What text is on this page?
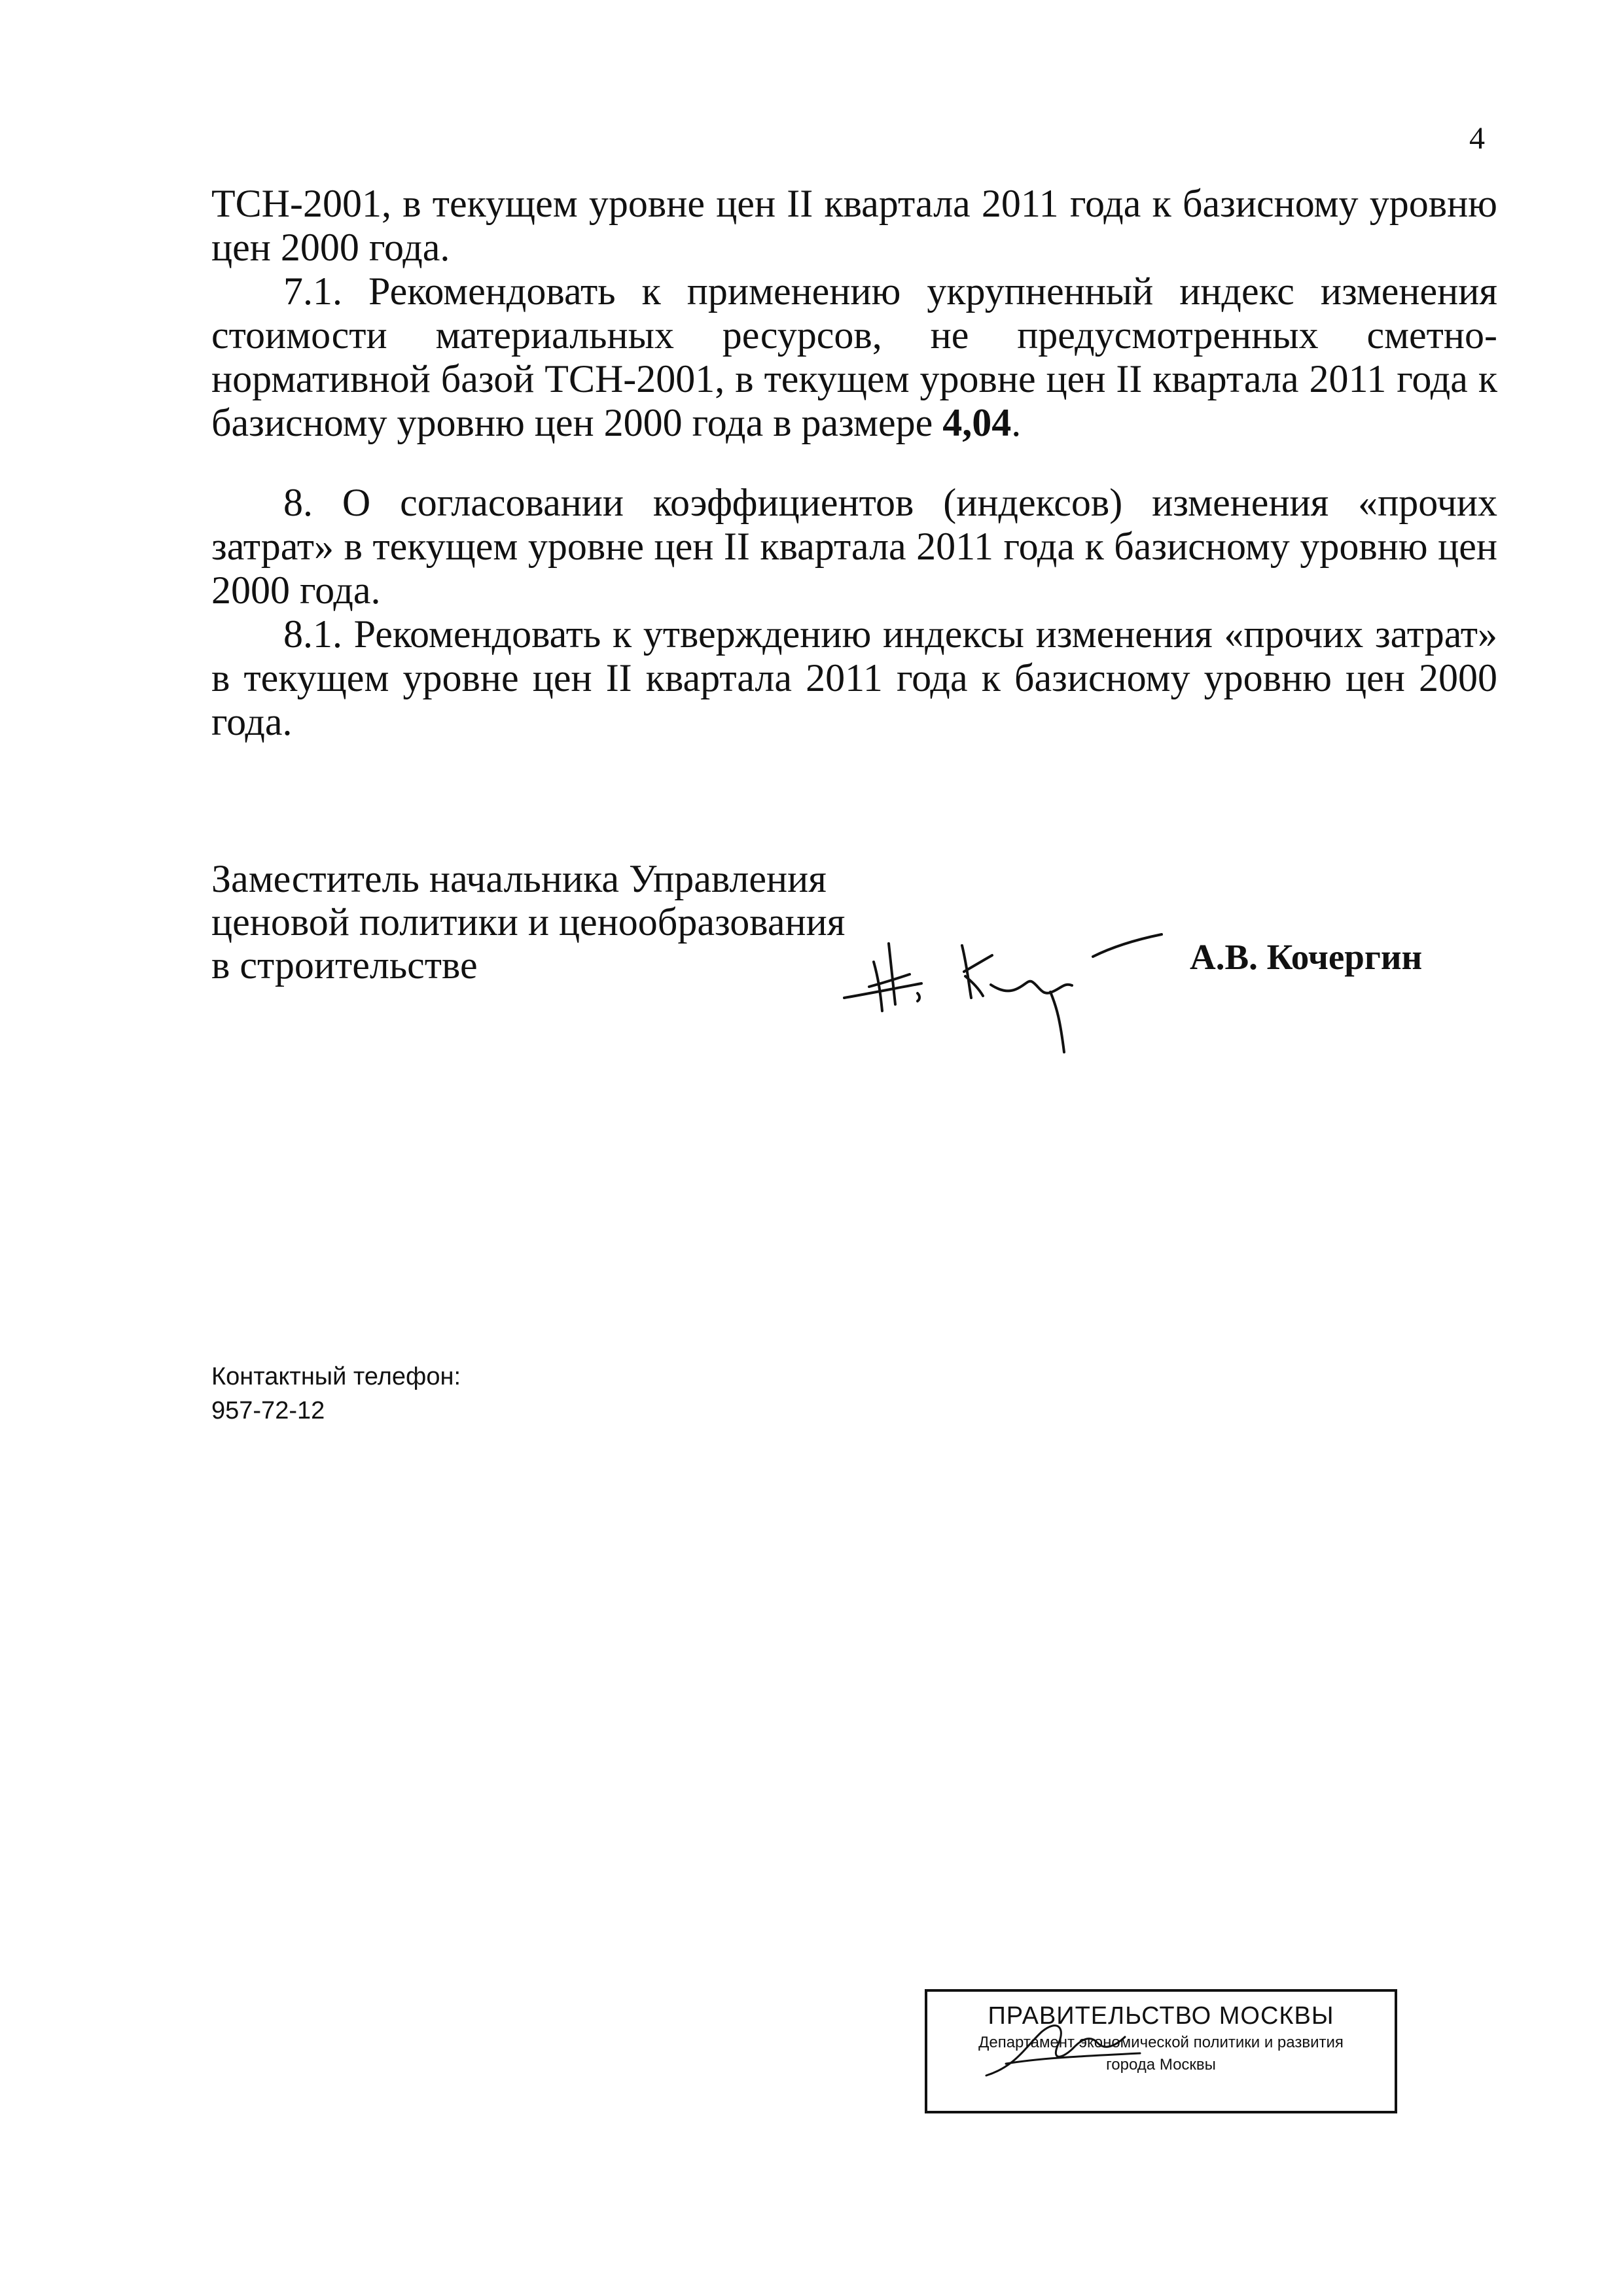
4

ТСН-2001, в текущем уровне цен II квартала 2011 года к базисному уровню цен 2000 года.

7.1. Рекомендовать к применению укрупненный индекс изменения стоимости материальных ресурсов, не предусмотренных сметно-нормативной базой ТСН-2001, в текущем уровне цен II квартала 2011 года к базисному уровню цен 2000 года в размере 4,04.

8. О согласовании коэффициентов (индексов) изменения «прочих затрат» в текущем уровне цен II квартала 2011 года к базисному уровню цен 2000 года.

8.1. Рекомендовать к утверждению индексы изменения «прочих затрат» в текущем уровне цен II квартала 2011 года к базисному уровню цен 2000 года.

Заместитель начальника Управления
ценовой политики и ценообразования
в строительстве	А.В. Кочергин
Контактный телефон:
957-72-12
ПРАВИТЕЛЬСТВО МОСКВЫ
Департамент экономической политики и развития
города Москвы
